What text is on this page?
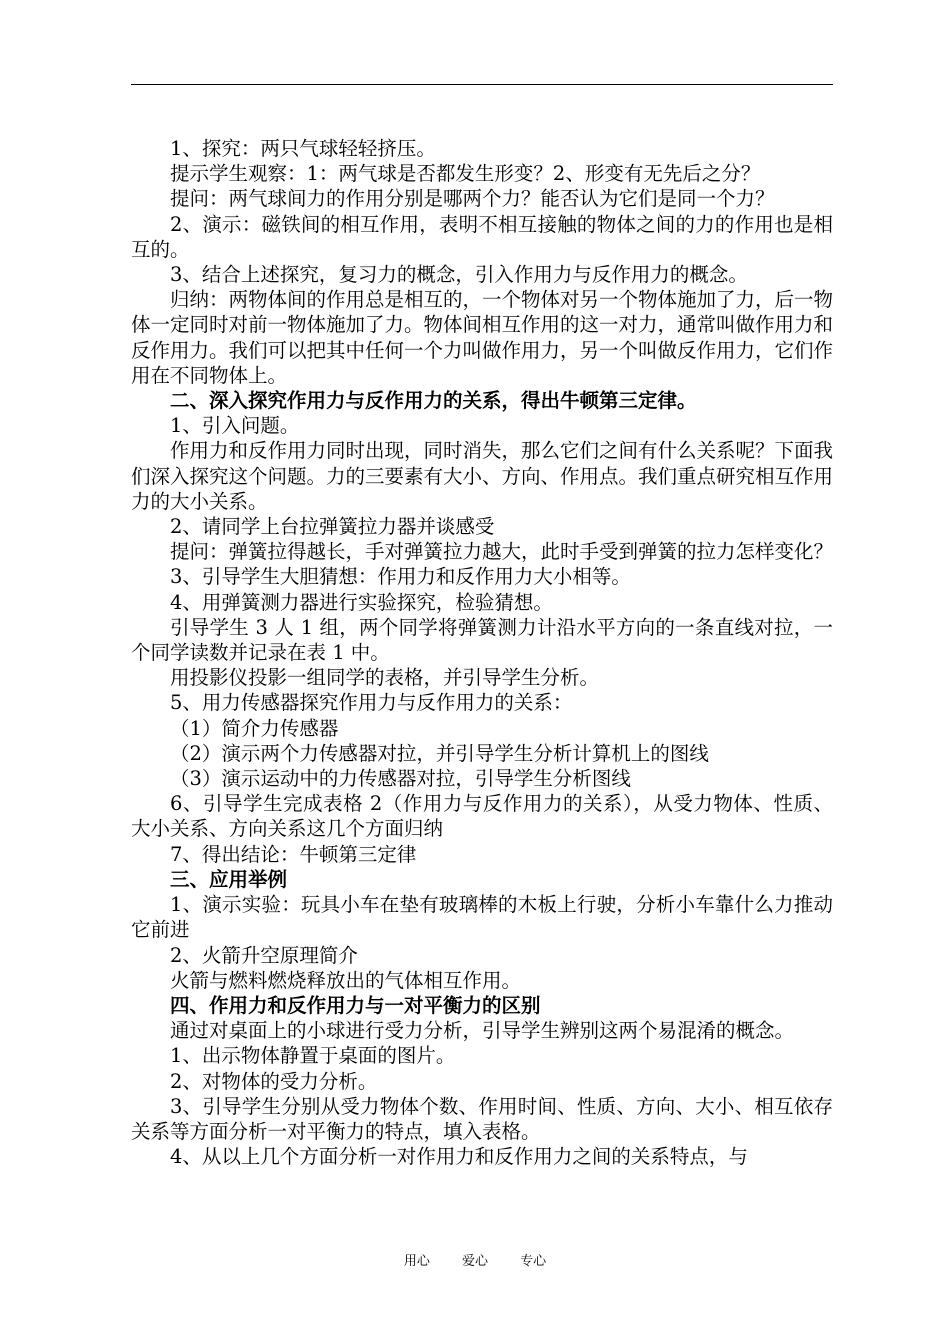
1、探究：两只气球轻轻挤压。

提示学生观察：1：两气球是否都发生形变？2、形变有无先后之分？

提问：两气球间力的作用分别是哪两个力？能否认为它们是同一个力？

2、演示：磁铁间的相互作用，表明不相互接触的物体之间的力的作用也是相互的。

3、结合上述探究，复习力的概念，引入作用力与反作用力的概念。

归纳：两物体间的作用总是相互的，一个物体对另一个物体施加了力，后一物体一定同时对前一物体施加了力。物体间相互作用的这一对力，通常叫做作用力和反作用力。我们可以把其中任何一个力叫做作用力，另一个叫做反作用力，它们作用在不同物体上。

二、深入探究作用力与反作用力的关系，得出牛顿第三定律。

1、引入问题。

作用力和反作用力同时出现，同时消失，那么它们之间有什么关系呢？下面我们深入探究这个问题。力的三要素有大小、方向、作用点。我们重点研究相互作用力的大小关系。

2、请同学上台拉弹簧拉力器并谈感受

提问：弹簧拉得越长，手对弹簧拉力越大，此时手受到弹簧的拉力怎样变化？

3、引导学生大胆猜想：作用力和反作用力大小相等。

4、用弹簧测力器进行实验探究，检验猜想。

引导学生 3 人 1 组，两个同学将弹簧测力计沿水平方向的一条直线对拉，一个同学读数并记录在表 1 中。

用投影仪投影一组同学的表格，并引导学生分析。

5、用力传感器探究作用力与反作用力的关系：

（1）简介力传感器

（2）演示两个力传感器对拉，并引导学生分析计算机上的图线

（3）演示运动中的力传感器对拉，引导学生分析图线

6、引导学生完成表格 2（作用力与反作用力的关系），从受力物体、性质、大小关系、方向关系这几个方面归纳

7、得出结论：牛顿第三定律

三、应用举例

1、演示实验：玩具小车在垫有玻璃棒的木板上行驶，分析小车靠什么力推动它前进

2、火箭升空原理简介

火箭与燃料燃烧释放出的气体相互作用。

四、作用力和反作用力与一对平衡力的区别

通过对桌面上的小球进行受力分析，引导学生辨别这两个易混淆的概念。

1、出示物体静置于桌面的图片。

2、对物体的受力分析。

3、引导学生分别从受力物体个数、作用时间、性质、方向、大小、相互依存关系等方面分析一对平衡力的特点，填入表格。

4、从以上几个方面分析一对作用力和反作用力之间的关系特点，与

用心 爱心 专心
